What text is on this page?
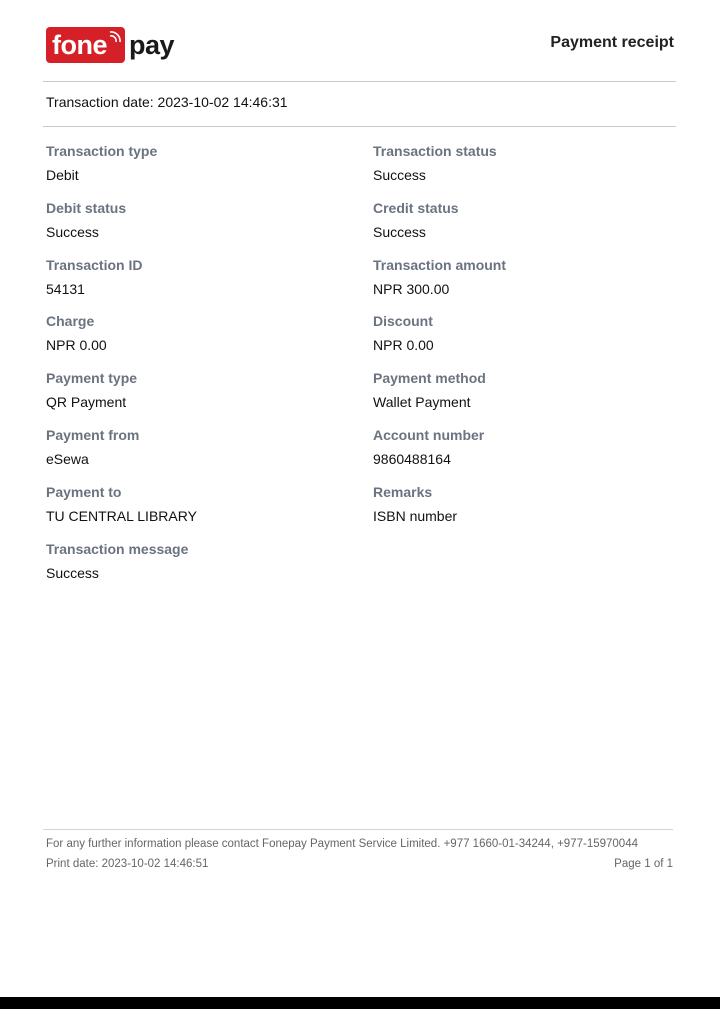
fone pay	Payment receipt
Transaction date: 2023-10-02 14:46:31
Transaction type
Debit
Debit status
Success
Transaction ID
54131
Charge
NPR 0.00
Payment type
QR Payment
Payment from
eSewa
Payment to
TU CENTRAL LIBRARY
Transaction message
Success
Transaction status
Success
Credit status
Success
Transaction amount
NPR 300.00
Discount
NPR 0.00
Payment method
Wallet Payment
Account number
9860488164
Remarks
ISBN number
For any further information please contact Fonepay Payment Service Limited. +977 1660-01-34244, +977-15970044
Print date: 2023-10-02 14:46:51	Page 1 of 1
